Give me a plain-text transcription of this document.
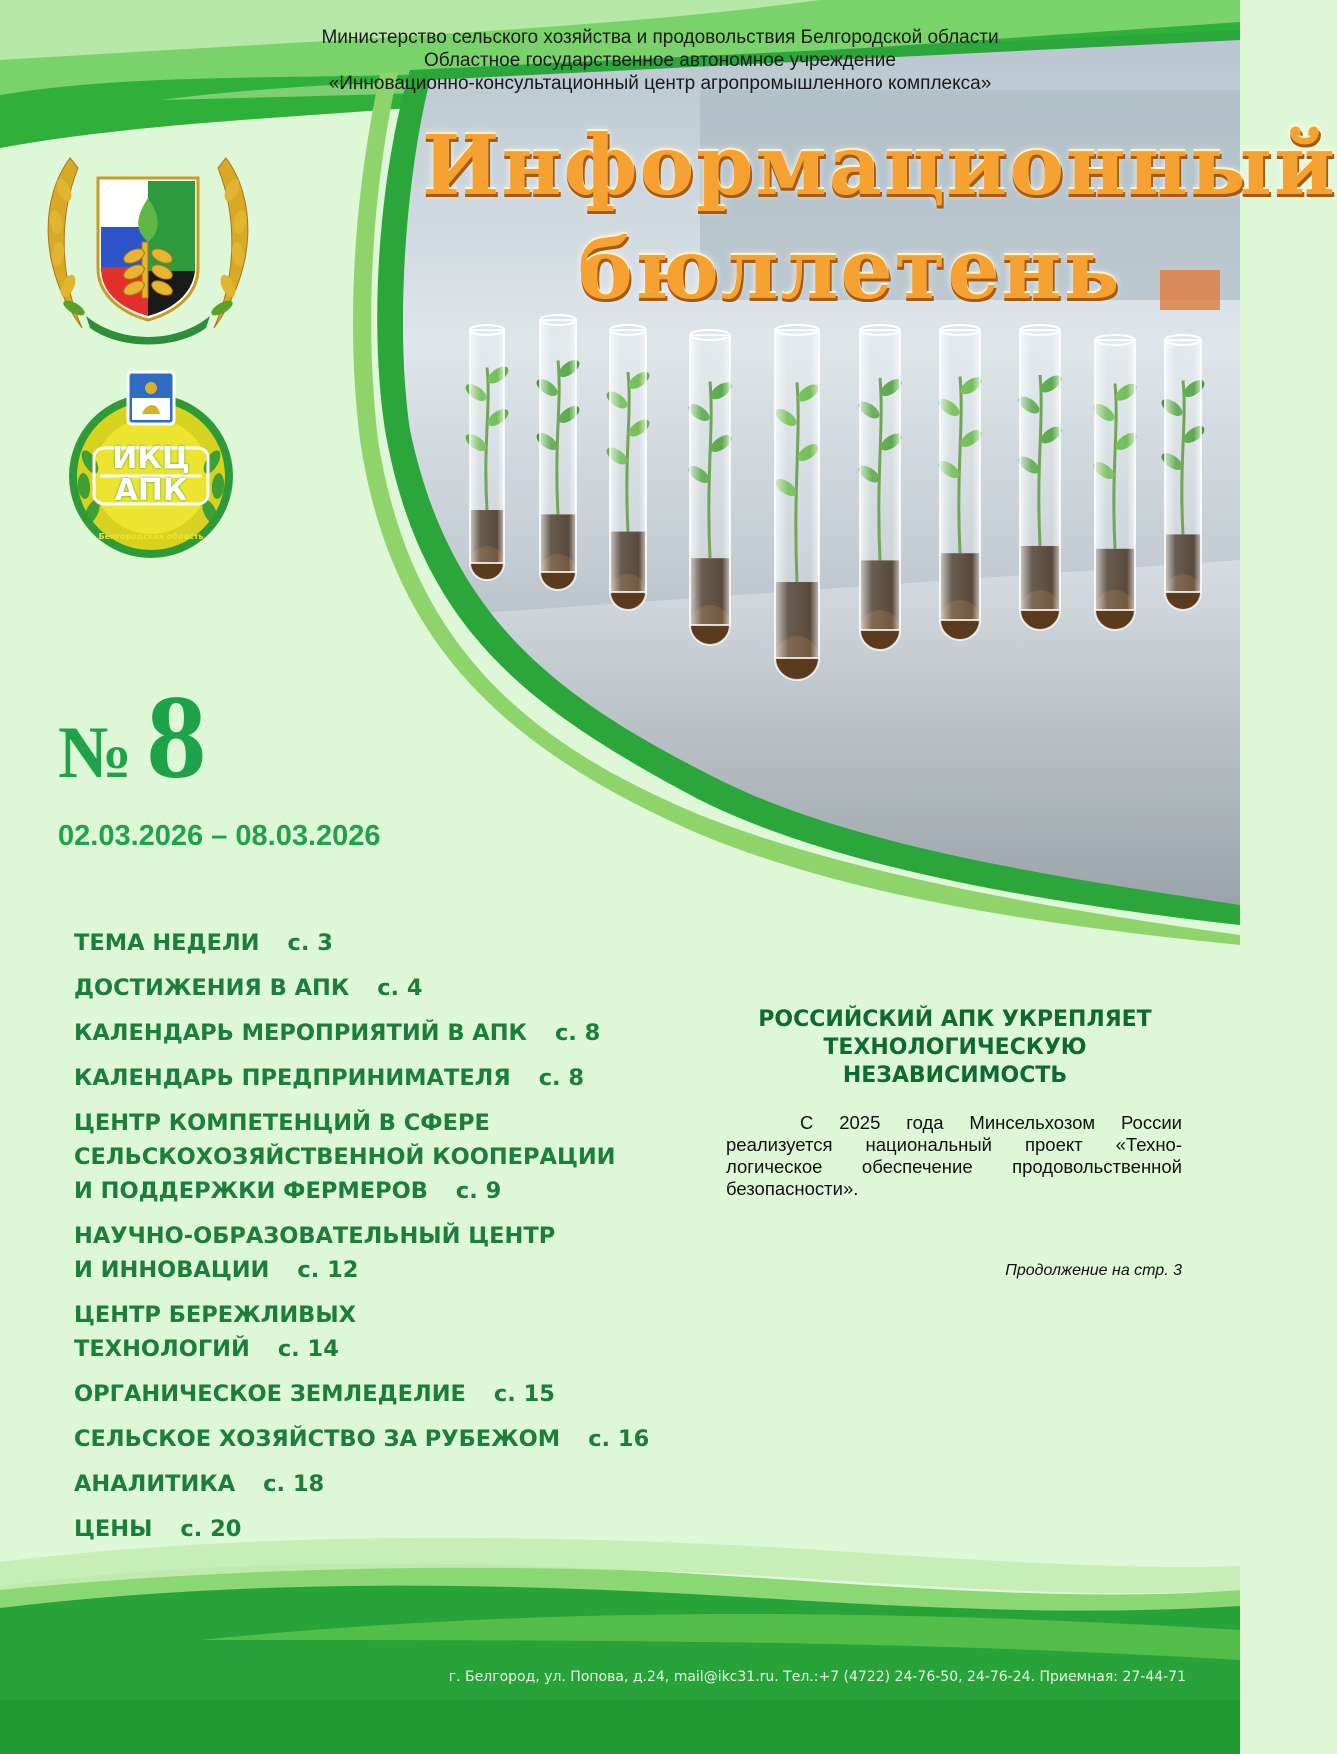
Министерство сельского хозяйства и продовольствия Белгородской области
Областное государственное автономное учреждение
«Инновационно-консультационный центр агропромышленного комплекса»
Информационный
бюллетень
ИКЦ
АПК
Белгородская область
№ 8
02.03.2026 – 08.03.2026
ТЕМА НЕДЕЛИ с. 3
ДОСТИЖЕНИЯ В АПК с. 4
КАЛЕНДАРЬ МЕРОПРИЯТИЙ В АПК с. 8
КАЛЕНДАРЬ ПРЕДПРИНИМАТЕЛЯ с. 8
ЦЕНТР КОМПЕТЕНЦИЙ В СФЕРЕ
СЕЛЬСКОХОЗЯЙСТВЕННОЙ КООПЕРАЦИИ
И ПОДДЕРЖКИ ФЕРМЕРОВ с. 9
НАУЧНО-ОБРАЗОВАТЕЛЬНЫЙ ЦЕНТР
И ИННОВАЦИИ с. 12
ЦЕНТР БЕРЕЖЛИВЫХ
ТЕХНОЛОГИЙ с. 14
ОРГАНИЧЕСКОЕ ЗЕМЛЕДЕЛИЕ с. 15
СЕЛЬСКОЕ ХОЗЯЙСТВО ЗА РУБЕЖОМ с. 16
АНАЛИТИКА с. 18
ЦЕНЫ с. 20
РОССИЙСКИЙ АПК УКРЕПЛЯЕТ ТЕХНОЛОГИЧЕСКУЮ НЕЗАВИСИМОСТЬ
С 2025 года Минсельхозом России реализуется национальный проект «Техно-логическое обеспечение продовольственной безопасности».
Продолжение на стр. 3
г. Белгород, ул. Попова, д.24, mail@ikc31.ru. Тел.:+7 (4722) 24-76-50, 24-76-24. Приемная: 27-44-71
